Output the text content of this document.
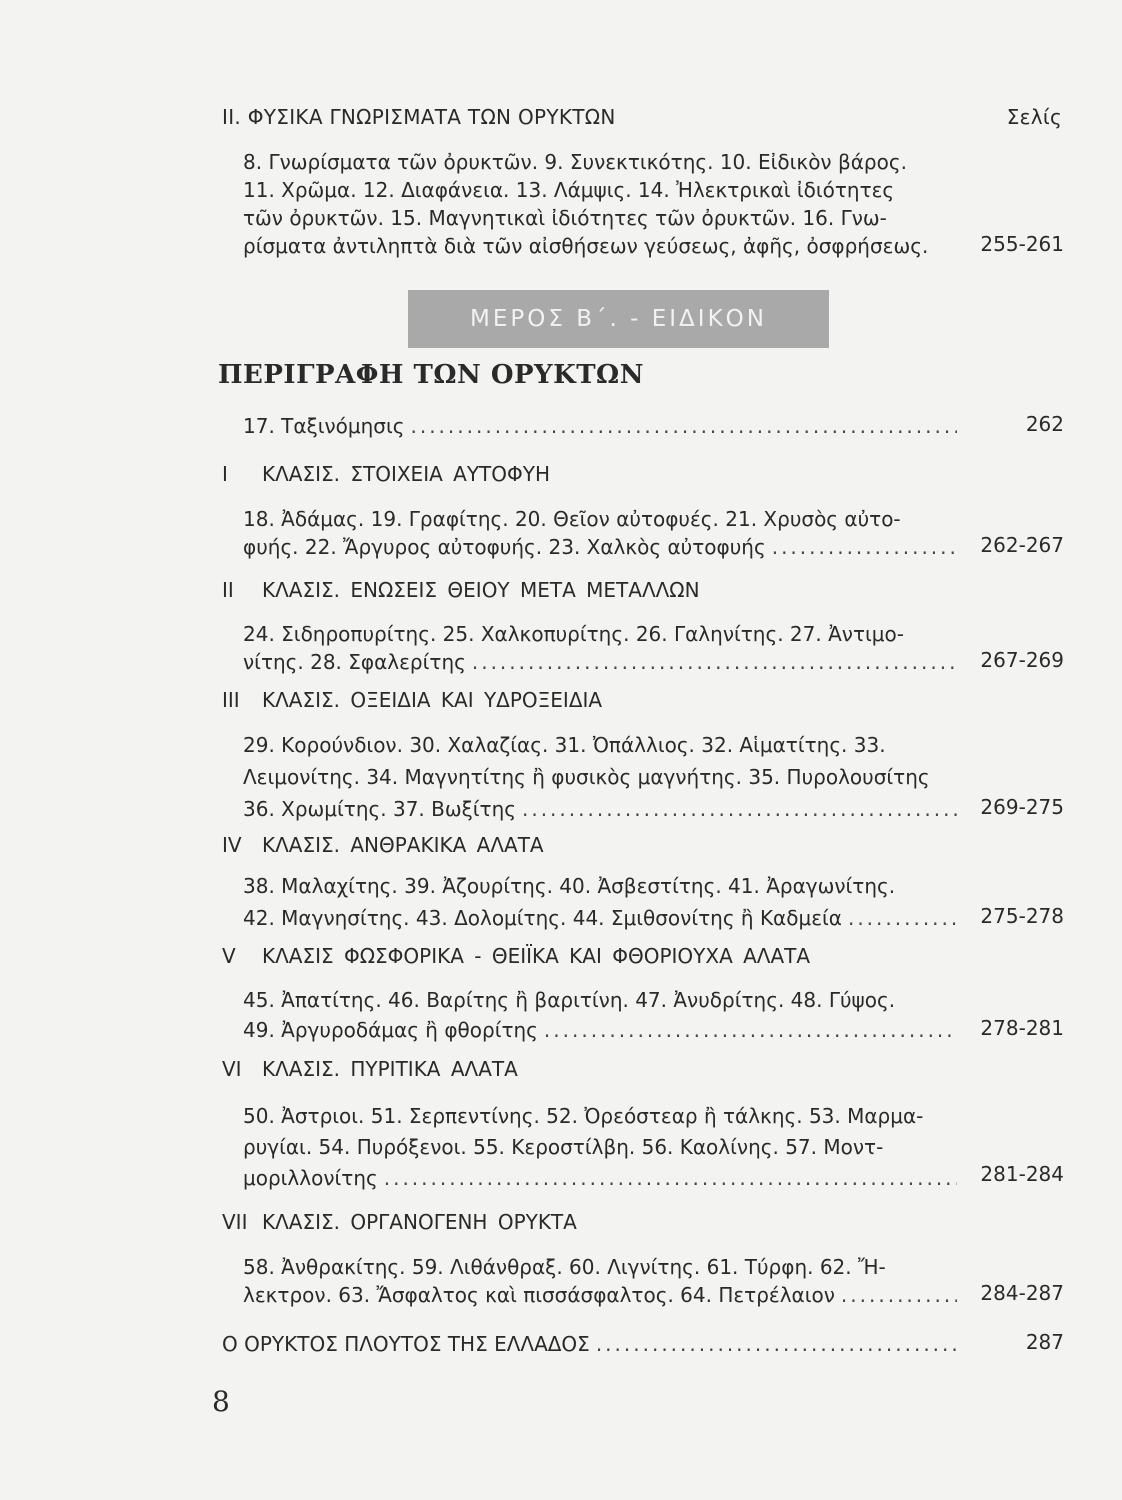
ΙΙ. ΦΥΣΙΚΑ ΓΝΩΡΙΣΜΑΤΑ ΤΩΝ ΟΡΥΚΤΩΝ	Σελίς
8. Γνωρίσματα τῶν ὀρυκτῶν. 9. Συνεκτικότης. 10. Εἰδικὸν βάρος.
11. Χρῶμα. 12. Διαφάνεια. 13. Λάμψις. 14. Ἠλεκτρικαὶ ἰδιότητες
τῶν ὀρυκτῶν. 15. Μαγνητικαὶ ἰδιότητες τῶν ὀρυκτῶν. 16. Γνω-
ρίσματα ἀντιληπτὰ διὰ τῶν αἰσθήσεων γεύσεως, ἀφῆς, ὀσφρήσεως.	255-261
ΜΕΡΟΣ Β΄. - ΕΙΔΙΚΟΝ
ΠΕΡΙΓΡΑΦΗ ΤΩΝ ΟΡΥΚΤΩΝ
17. Ταξινόμησις .....	262
I ΚΛΑΣΙΣ. ΣΤΟΙΧΕΙΑ ΑΥΤΟΦΥΗ
18. Ἀδάμας. 19. Γραφίτης. 20. Θεῖον αὐτοφυές. 21. Χρυσὸς αὐτο-
φυής. 22. Ἄργυρος αὐτοφυής. 23. Χαλκὸς αὐτοφυής .....	262-267
II ΚΛΑΣΙΣ. ΕΝΩΣΕΙΣ ΘΕΙΟΥ ΜΕΤΑ ΜΕΤΑΛΛΩΝ
24. Σιδηροπυρίτης. 25. Χαλκοπυρίτης. 26. Γαληνίτης. 27. Ἀντιμο-
νίτης. 28. Σφαλερίτης .....	267-269
III ΚΛΑΣΙΣ. ΟΞΕΙΔΙΑ ΚΑΙ ΥΔΡΟΞΕΙΔΙΑ
29. Κορούνδιον. 30. Χαλαζίας. 31. Ὀπάλλιος. 32. Αἱματίτης. 33.
Λειμονίτης. 34. Μαγνητίτης ἢ φυσικὸς μαγνήτης. 35. Πυρολουσίτης
36. Χρωμίτης. 37. Βωξίτης .....	269-275
IV ΚΛΑΣΙΣ. ΑΝΘΡΑΚΙΚΑ ΑΛΑΤΑ
38. Μαλαχίτης. 39. Ἀζουρίτης. 40. Ἀσβεστίτης. 41. Ἀραγωνίτης.
42. Μαγνησίτης. 43. Δολομίτης. 44. Σμιθσονίτης ἢ Καδμεία .....	275-278
V ΚΛΑΣΙΣ ΦΩΣΦΟΡΙΚΑ - ΘΕΙΪΚΑ ΚΑΙ ΦΘΟΡΙΟΥΧΑ ΑΛΑΤΑ
45. Ἀπατίτης. 46. Βαρίτης ἢ βαριτίνη. 47. Ἀνυδρίτης. 48. Γύψος.
49. Ἀργυροδάμας ἢ φθορίτης .....	278-281
VI ΚΛΑΣΙΣ. ΠΥΡΙΤΙΚΑ ΑΛΑΤΑ
50. Ἀστριοι. 51. Σερπεντίνης. 52. Ὀρεόστεαρ ἢ τάλκης. 53. Μαρμα-
ρυγίαι. 54. Πυρόξενοι. 55. Κεροστίλβη. 56. Καολίνης. 57. Μοντ-
μοριλλονίτης .....	281-284
VII ΚΛΑΣΙΣ. ΟΡΓΑΝΟΓΕΝΗ ΟΡΥΚΤΑ
58. Ἀνθρακίτης. 59. Λιθάνθραξ. 60. Λιγνίτης. 61. Τύρφη. 62. Ἤ-
λεκτρον. 63. Ἄσφαλτος καὶ πισσάσφαλτος. 64. Πετρέλαιον .....	284-287
Ο ΟΡΥΚΤΟΣ ΠΛΟΥΤΟΣ ΤΗΣ ΕΛΛΑΔΟΣ .....	287
8
